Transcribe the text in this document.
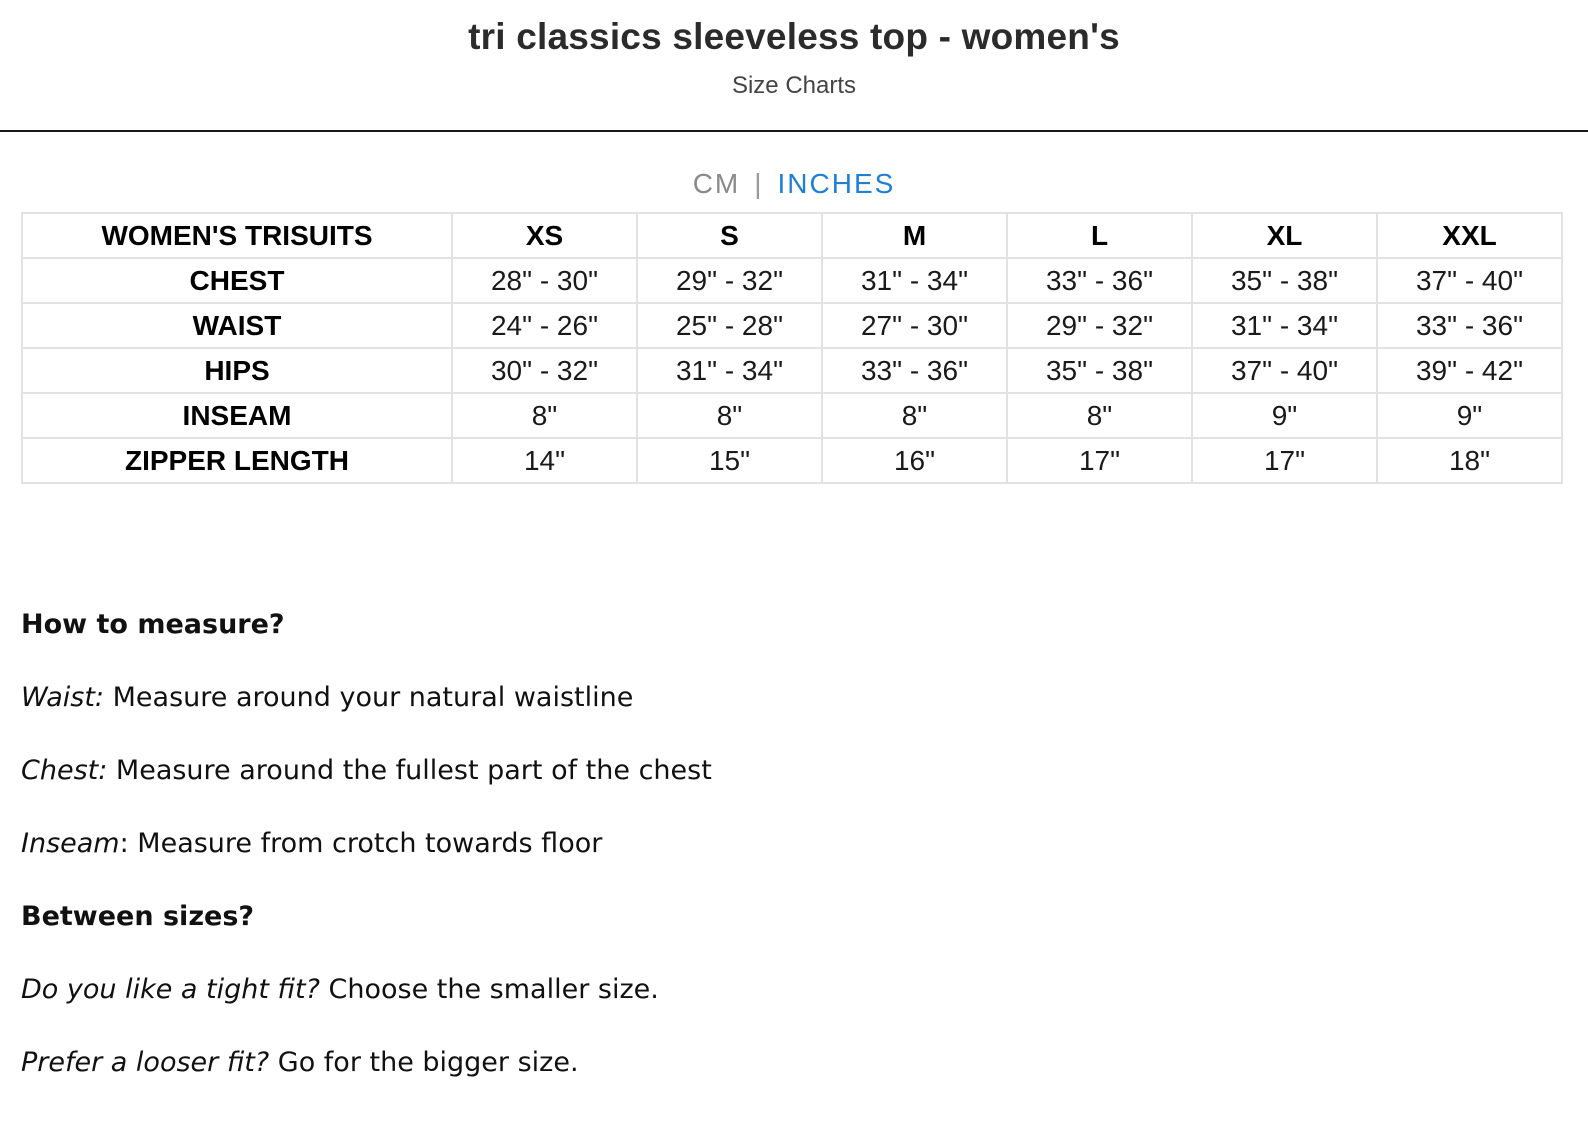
tri classics sleeveless top - women's
Size Charts
CM | INCHES
WOMEN'S TRISUITS	XS	S	M	L	XL	XXL
CHEST	28" - 30"	29" - 32"	31" - 34"	33" - 36"	35" - 38"	37" - 40"
WAIST	24" - 26"	25" - 28"	27" - 30"	29" - 32"	31" - 34"	33" - 36"
HIPS	30" - 32"	31" - 34"	33" - 36"	35" - 38"	37" - 40"	39" - 42"
INSEAM	8"	8"	8"	8"	9"	9"
ZIPPER LENGTH	14"	15"	16"	17"	17"	18"
How to measure?
Waist: Measure around your natural waistline
Chest: Measure around the fullest part of the chest
Inseam: Measure from crotch towards floor
Between sizes?
Do you like a tight fit? Choose the smaller size.
Prefer a looser fit? Go for the bigger size.
